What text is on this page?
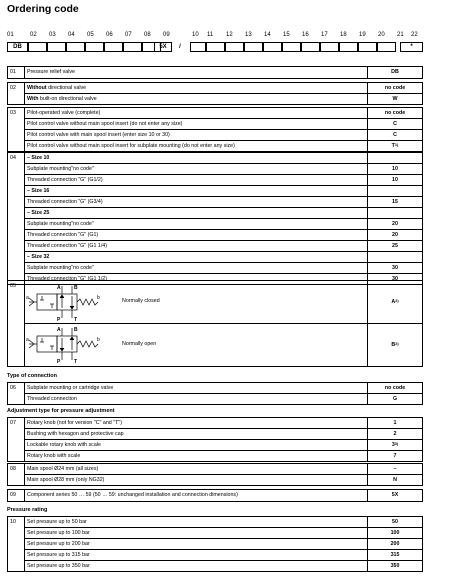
Ordering code
01	02 03 04 05 06 07 08 09	10 11 12 13 14 15 16 17 18 19 20 21 22
DB	5X	/	*
01	Pressure relief valve	DB
02	Without directional valve	no code
	With built-on directional valve	W
03	Pilot-operated valve (complete)	no code
	Pilot control valve without main spool insert (do not enter any size)	C
	Pilot control valve with main spool insert (enter size 10 or 30)	C
	Pilot control valve without main spool insert for subplate mounting (do not enter any size)	$T^{1)}$
04	– Size 10	
	Subplate mounting"no code"	10
	Threaded connection "G" (G1/2)	10
	– Size 16	
	Threaded connection "G" (G3/4)	15
	– Size 25	
	Subplate mounting"no code"	20
	Threaded connection "G" (G1)	20
	Threaded connection "G" (G1 1/4)	25
	– Size 32	
	Subplate mounting"no code"	30
	Threaded connection "G" (G1 1/2)	30
05	Normally closed	$A^{2)}$

	Normally open	$B^{2)}$
a	b
A	B
P	T
a	b
A	B
P	T
Type of connection
06	Subplate mounting or cartridge valve	no code
	Threaded connection	G
Adjustment type for pressure adjustment
07	Rotary knob (not for version "C" and "T")	1
	Bushing with hexagon and protective cap	2
	Lockable rotary knob with scale	3$^{3)}$
	Rotary knob with scale	7
08	Main spool Ø24 mm (all sizes)	–
	Main spool Ø28 mm (only NG32)	N
09	Component series 50 … 59 (50 … 59: unchanged installation and connection dimensions)	5X
Pressure rating
10	Set pressure up to 50 bar	50
	Set pressure up to 100 bar	100
	Set pressure up to 200 bar	200
	Set pressure up to 315 bar	315
	Set pressure up to 350 bar	350
